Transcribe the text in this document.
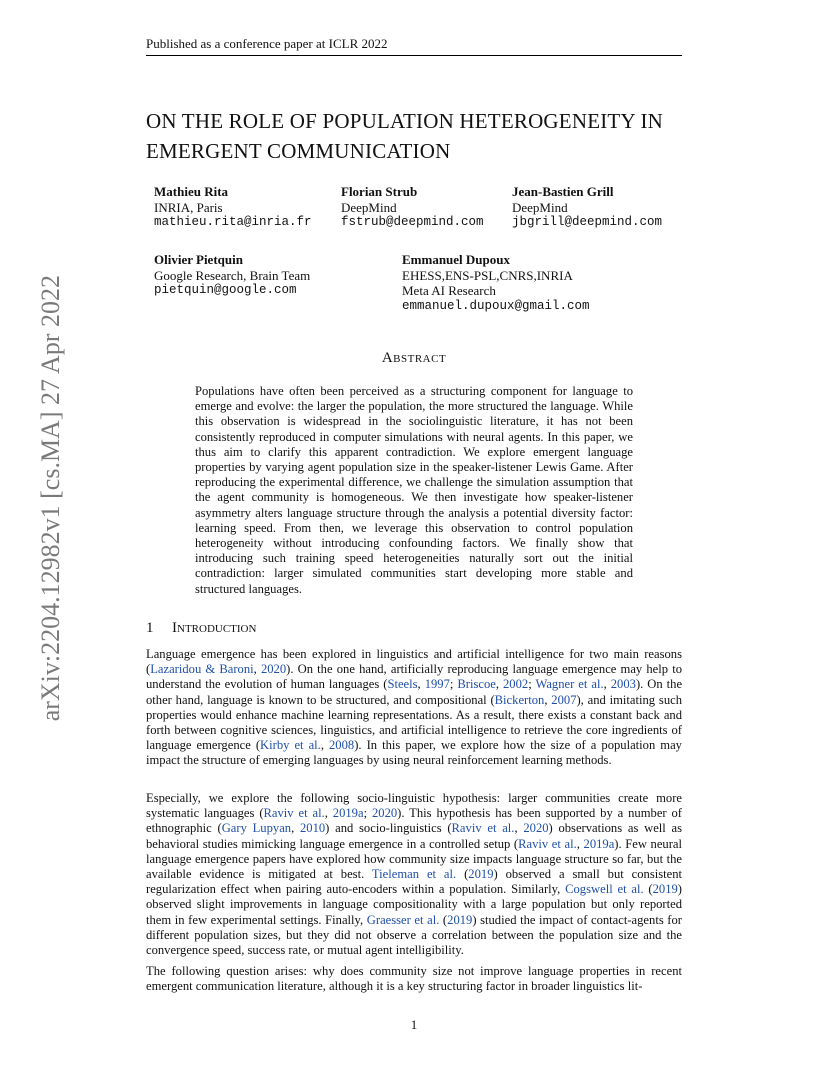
Published as a conference paper at ICLR 2022
arXiv:2204.12982v1 [cs.MA] 27 Apr 2022
ON THE ROLE OF POPULATION HETEROGENEITY IN
EMERGENT COMMUNICATION
Mathieu Rita
INRIA, Paris
mathieu.rita@inria.fr
Florian Strub
DeepMind
fstrub@deepmind.com
Jean-Bastien Grill
DeepMind
jbgrill@deepmind.com
Olivier Pietquin
Google Research, Brain Team
pietquin@google.com
Emmanuel Dupoux
EHESS,ENS-PSL,CNRS,INRIA
Meta AI Research
emmanuel.dupoux@gmail.com
Abstract
Populations have often been perceived as a structuring component for language to emerge and evolve: the larger the population, the more structured the language. While this observation is widespread in the sociolinguistic literature, it has not been consistently reproduced in computer simulations with neural agents. In this paper, we thus aim to clarify this apparent contradiction. We explore emergent language properties by varying agent population size in the speaker-listener Lewis Game. After reproducing the experimental difference, we challenge the simulation assumption that the agent community is homogeneous. We then investigate how speaker-listener asymmetry alters language structure through the analysis a potential diversity factor: learning speed. From then, we leverage this observation to control population heterogeneity without introducing confounding factors. We finally show that introducing such training speed heterogeneities naturally sort out the initial contradiction: larger simulated communities start developing more stable and structured languages.
1 Introduction

Language emergence has been explored in linguistics and artificial intelligence for two main reasons (Lazaridou & Baroni, 2020). On the one hand, artificially reproducing language emergence may help to understand the evolution of human languages (Steels, 1997; Briscoe, 2002; Wagner et al., 2003). On the other hand, language is known to be structured, and compositional (Bickerton, 2007), and imitating such properties would enhance machine learning representations. As a result, there exists a constant back and forth between cognitive sciences, linguistics, and artificial intelligence to retrieve the core ingredients of language emergence (Kirby et al., 2008). In this paper, we explore how the size of a population may impact the structure of emerging languages by using neural reinforcement learning methods.

Especially, we explore the following socio-linguistic hypothesis: larger communities create more systematic languages (Raviv et al., 2019a; 2020). This hypothesis has been supported by a number of ethnographic (Gary Lupyan, 2010) and socio-linguistics (Raviv et al., 2020) observations as well as behavioral studies mimicking language emergence in a controlled setup (Raviv et al., 2019a). Few neural language emergence papers have explored how community size impacts language structure so far, but the available evidence is mitigated at best. Tieleman et al. (2019) observed a small but consistent regularization effect when pairing auto-encoders within a population. Similarly, Cogswell et al. (2019) observed slight improvements in language compositionality with a large population but only reported them in few experimental settings. Finally, Graesser et al. (2019) studied the impact of contact-agents for different population sizes, but they did not observe a correlation between the population size and the convergence speed, success rate, or mutual agent intelligibility.

The following question arises: why does community size not improve language properties in recent emergent communication literature, although it is a key structuring factor in broader linguistics lit-

1
